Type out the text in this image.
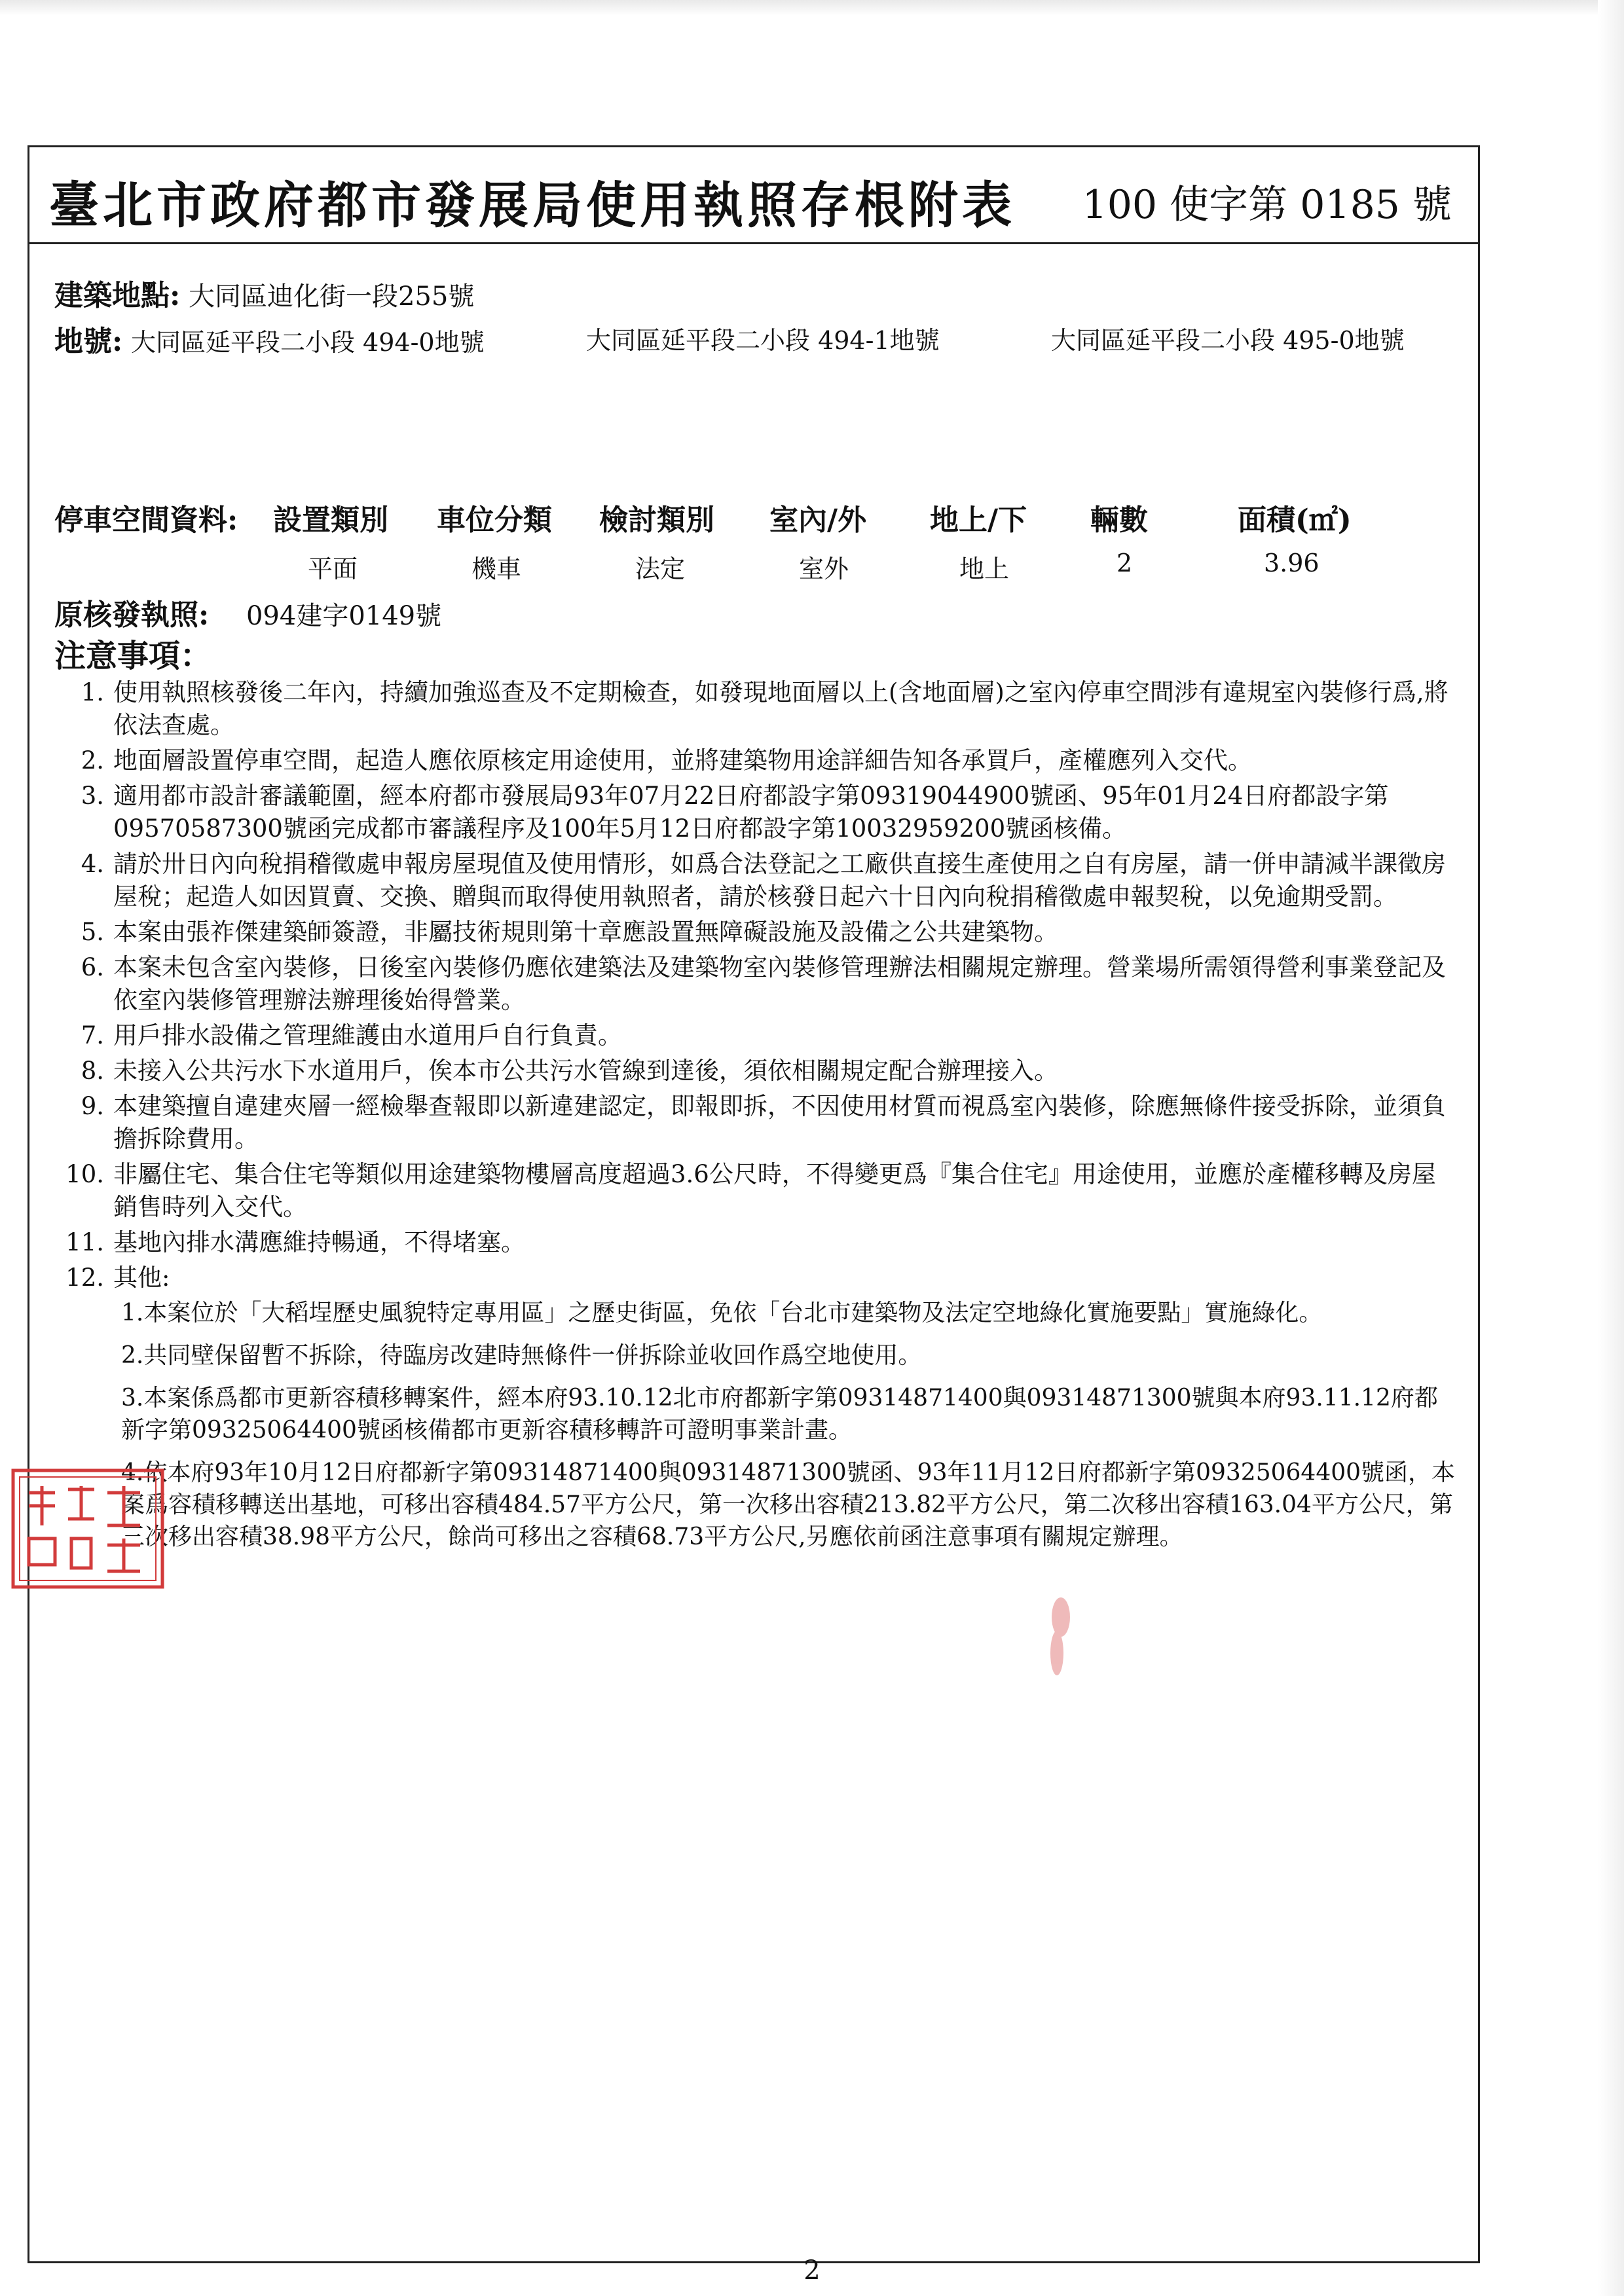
臺北市政府都市發展局使用執照存根附表 100 使字第 0185 號
建築地點: 大同區迪化街一段255號
地號: 大同區延平段二小段 494-0地號	大同區延平段二小段 494-1地號	大同區延平段二小段 495-0地號
停車空間資料: 設置類別 車位分類 檢討類別 室內/外 地上/下 輛數	面積(㎡)
平面	機車	法定	室外	地上	2	3.96
原核發執照: 094建字0149號
注意事項：
1. 使用執照核發後二年內，持續加強巡查及不定期檢查，如發現地面層以上(含地面層)之室內停車空間涉有違規室內裝修行爲,將依法查處。
2. 地面層設置停車空間，起造人應依原核定用途使用，並將建築物用途詳細告知各承買戶，產權應列入交代。
3. 適用都市設計審議範圍，經本府都市發展局93年07月22日府都設字第09319044900號函、95年01月24日府都設字第09570587300號函完成都市審議程序及100年5月12日府都設字第10032959200號函核備。
4. 請於卅日內向稅捐稽徵處申報房屋現值及使用情形，如爲合法登記之工廠供直接生產使用之自有房屋，請一併申請減半課徵房屋稅；起造人如因買賣、交換、贈與而取得使用執照者，請於核發日起六十日內向稅捐稽徵處申報契稅，以免逾期受罰。
5. 本案由張祚傑建築師簽證，非屬技術規則第十章應設置無障礙設施及設備之公共建築物。
6. 本案未包含室內裝修，日後室內裝修仍應依建築法及建築物室內裝修管理辦法相關規定辦理。營業場所需領得營利事業登記及依室內裝修管理辦法辦理後始得營業。
7. 用戶排水設備之管理維護由水道用戶自行負責。
8. 未接入公共污水下水道用戶，俟本市公共污水管線到達後，須依相關規定配合辦理接入。
9. 本建築擅自違建夾層一經檢舉查報即以新違建認定，即報即拆，不因使用材質而視爲室內裝修，除應無條件接受拆除，並須負擔拆除費用。
10. 非屬住宅、集合住宅等類似用途建築物樓層高度超過3.6公尺時，不得變更爲『集合住宅』用途使用，並應於產權移轉及房屋銷售時列入交代。
11. 基地內排水溝應維持暢通，不得堵塞。
12. 其他:
1.本案位於「大稻埕歷史風貌特定專用區」之歷史街區，免依「台北市建築物及法定空地綠化實施要點」實施綠化。
2.共同壁保留暫不拆除，待臨房改建時無條件一併拆除並收回作爲空地使用。
3.本案係爲都市更新容積移轉案件，經本府93.10.12北市府都新字第09314871400與09314871300號與本府93.11.12府都新字第09325064400號函核備都市更新容積移轉許可證明事業計畫。
4.依本府93年10月12日府都新字第09314871400與09314871300號函、93年11月12日府都新字第09325064400號函，本案爲容積移轉送出基地，可移出容積484.57平方公尺，第一次移出容積213.82平方公尺，第二次移出容積163.04平方公尺，第三次移出容積38.98平方公尺，餘尚可移出之容積68.73平方公尺,另應依前函注意事項有關規定辦理。
2
